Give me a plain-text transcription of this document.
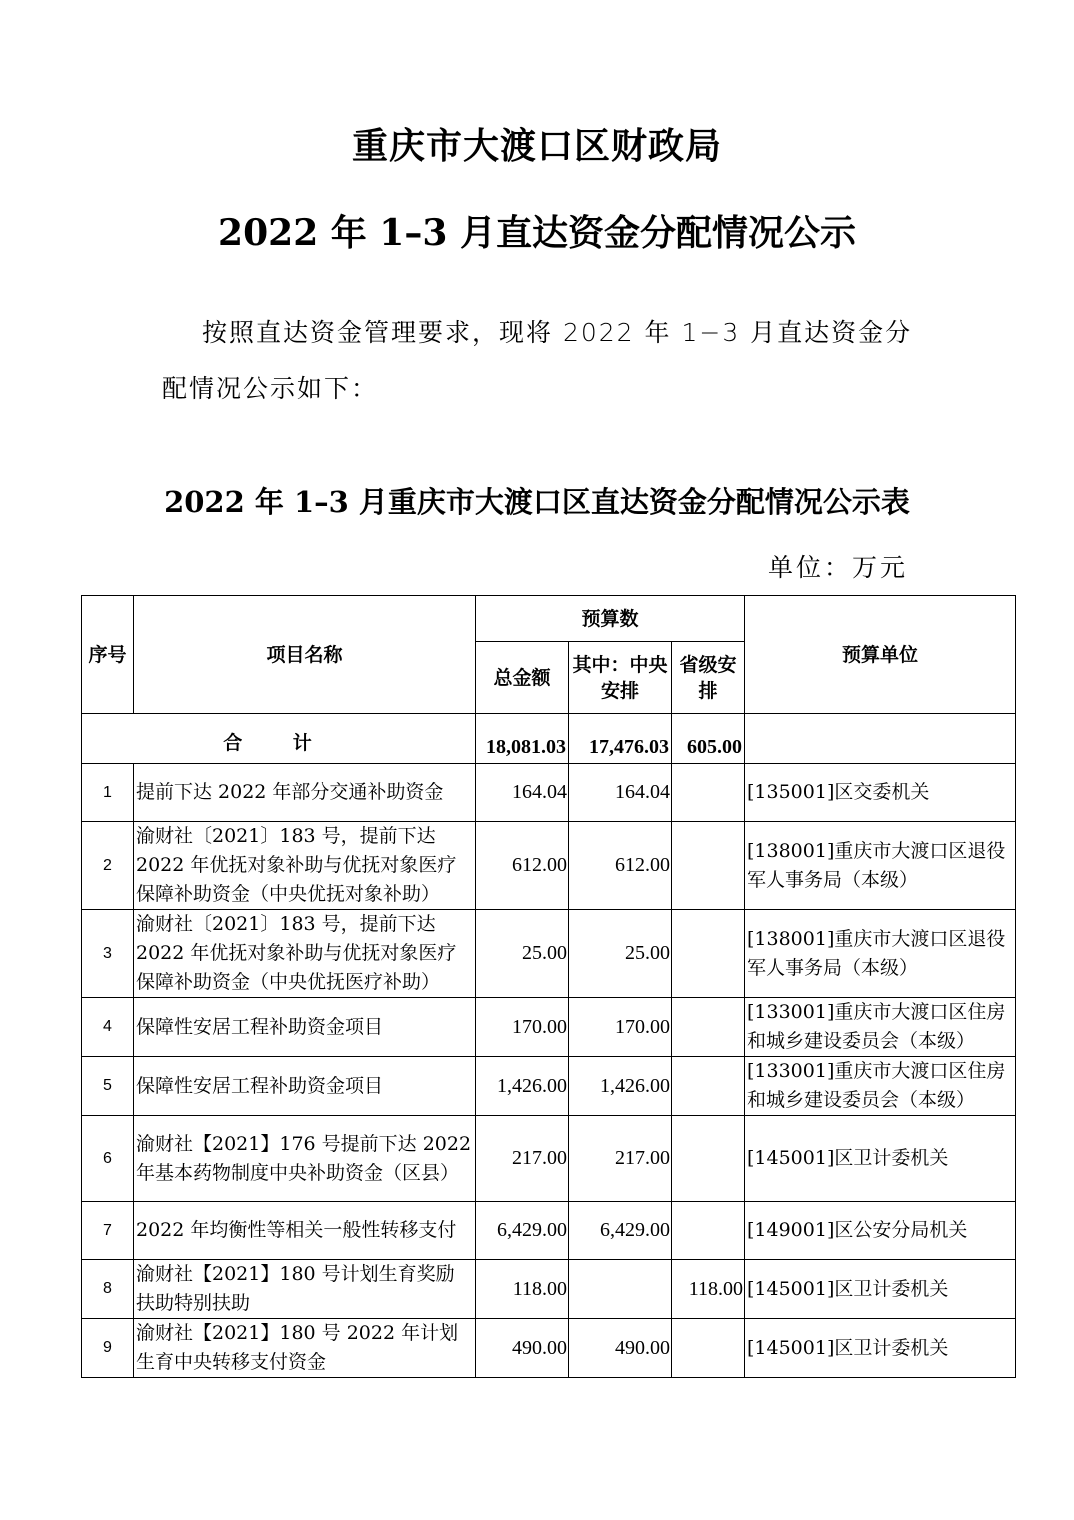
重庆市大渡口区财政局
2022 年 1–3 月直达资金分配情况公示
按照直达资金管理要求，现将 2022 年 1−3 月直达资金分
配情况公示如下：
2022 年 1–3 月重庆市大渡口区直达资金分配情况公示表
单位：万元
序号	项目名称	预算数			预算单位
		总金额	其中：中央安排	省级安排	
合 计		18,081.03	17,476.03	605.00	
1	提前下达 2022 年部分交通补助资金	164.04	164.04		[135001]区交委机关
2	渝财社〔2021〕183 号，提前下达 2022 年优抚对象补助与优抚对象医疗保障补助资金（中央优抚对象补助）	612.00	612.00		[138001]重庆市大渡口区退役军人事务局（本级）
3	渝财社〔2021〕183 号，提前下达 2022 年优抚对象补助与优抚对象医疗保障补助资金（中央优抚医疗补助）	25.00	25.00		[138001]重庆市大渡口区退役军人事务局（本级）
4	保障性安居工程补助资金项目	170.00	170.00		[133001]重庆市大渡口区住房和城乡建设委员会（本级）
5	保障性安居工程补助资金项目	1,426.00	1,426.00		[133001]重庆市大渡口区住房和城乡建设委员会（本级）
6	渝财社【2021】176 号提前下达 2022 年基本药物制度中央补助资金（区县）	217.00	217.00		[145001]区卫计委机关
7	2022 年均衡性等相关一般性转移支付	6,429.00	6,429.00		[149001]区公安分局机关
8	渝财社【2021】180 号计划生育奖励扶助特别扶助	118.00		118.00	[145001]区卫计委机关
9	渝财社【2021】180 号 2022 年计划生育中央转移支付资金	490.00	490.00		[145001]区卫计委机关
